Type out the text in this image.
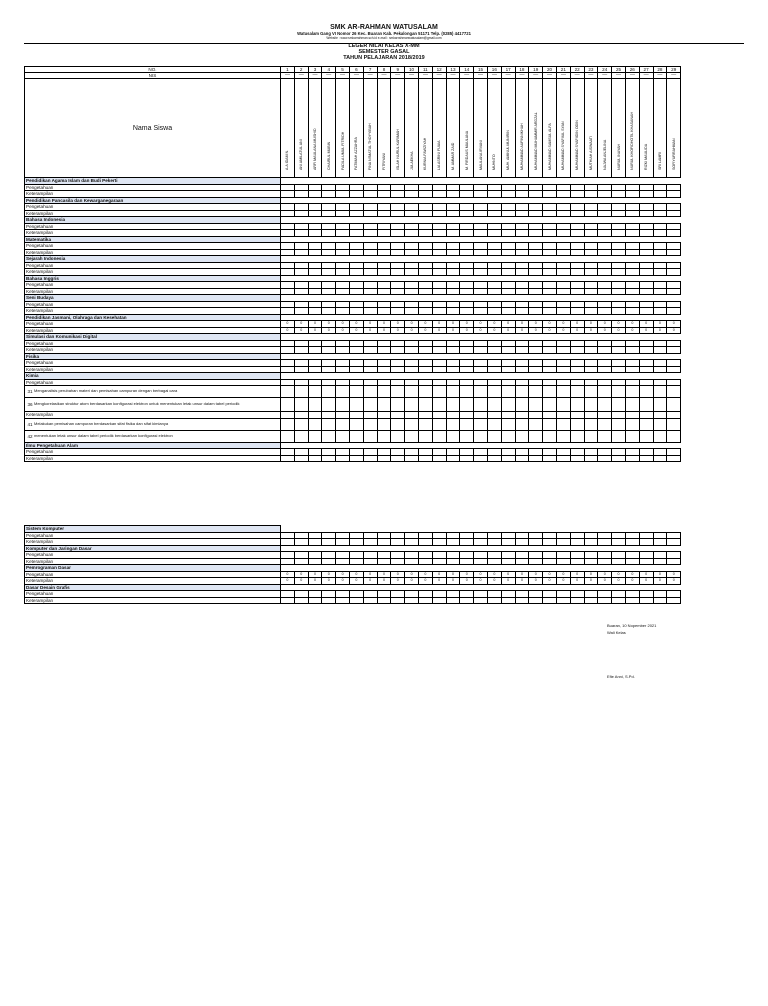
SMK AR-RAHMAN WATUSALAM
Watusalam Gang VI Nomor 26 Kec. Buaran Kab. Pekalongan 51171 Telp. (0285) 4417721
Website : www.smkarrahman.sch.id e-mail : smkarrahmanwatusalam@gmail.com
LEGER NILAI KELAS X-MM
SEMESTER GASAL
TAHUN PELAJARAN 2018/2019
NO.	1	2	3	4	5	6	7	8	9	10	11	12	13	14	15	16	17	18	19	20	21	22	23	24	25	26	27	28	29
NIS	xxxxx	xxxxx	xxxxx	xxxxx	xxxxx	xxxxx	xxxxx	xxxxx	xxxxx	xxxxx	xxxxx	xxxxx	xxxxx	xxxxx	xxxxx	xxxxx	xxxxx	xxxxx	xxxxx	xxxxx	xxxxx	xxxxx	xxxxx	xxxxx	xxxxx	xxxxx	xxxxx	xxxxx	xxxxx
Nama Siswa	A.A IDAM N.	ANI AMILATUL ANI	ARFI MAULANA MUSHID	CHAIRUL MUBIN	FADILA UMUL FITRIDH	FATIMAH AZZAHRA	FINA NI'MATUL THOYYIBAH	FITRIYANI	ISLAH NURUL KARIMAH	JULAEKHA	KURNIA FAWZIYAH	LIA ASRINI FUAIA	M. AMMAR ZAID	M. FIRDAUS MAULANA	MAULANA IRVANI	MUHNTO	MUH. AMINUL MUNIRIN	MUHAMMAD AUFINNIKHAH	MUHAMMAD MUHAMMIR ARDZAL	MUHAMMAD SAMSUL ALFA	MUHAMMAD SYAFIIUL SYAN	MUHAMMAD SYAFIIDIN ODIN	MUTHIAH AISWAATI	NAJWA ANJELINA	NURUL INAYAH	NURUL KHOFIDHOTIL KHASANAH	RIZKI MAULIDA	SRI LAMRI	SOFIYURRAHMAN

Pendidikan Agama Islam dan Budi Pekerti																													
Pengetahuan																													
Keterampilan																													
Pendidikan Pancasila dan Kewarganegaraan																													
Pengetahuan																													
Keterampilan																													
Bahasa Indonesia																													
Pengetahuan																													
Keterampilan																													
Matematika																													
Pengetahuan																													
Keterampilan																													
Sejarah Indonesia																													
Pengetahuan																													
Keterampilan																													
Bahasa Inggris																													
Pengetahuan																													
Keterampilan																													
Seni Budaya																													
Pengetahuan																													
Keterampilan																													
Pendidikan Jasmani, Olahraga dan Kesehatan																													
Pengetahuan	0	0	0	0	0	0	0	0	0	0	0	0	0	0	0	0	0	0	0	0	0	0	0	0	0	0	0	0	0
Keterampilan	0	0	0	0	0	0	0	0	0	0	0	0	0	0	0	0	0	0	0	0	0	0	0	0	0	0	0	0	0
Simulasi dan Komunikasi Digital																													
Pengetahuan																													
Keterampilan																													
Fisika																													
Pengetahuan																													
Keterampilan																													
Kimia																													
Pengetahuan																													

31 Menganalisis perubahan materi dan pemisahan campuran dengan berbagai cara																													

36 Mengkorelasikan struktur atom berdasarkan konfigurasi elektron untuk menentukan letak unsur dalam tabel periodik																													

Keterampilan																													

41 Melakukan pemisahan campuran berdasarkan sifat fisika dan sifat kimianya																													

42 menentukan letak unsur dalam tabel periodik berdasarkan konfigurasi elektron																													

Ilmu Pengetahuan Alam																													
Pengetahuan																													
Keterampilan																													
Sistem Komputer																													
Pengetahuan																													
Keterampilan																													
Komputer dan Jaringan Dasar																													
Pengetahuan																													
Keterampilan																													
Pemrograman Dasar																													
Pengetahuan	0	0	0	0	0	0	0	0	0	0	0	0	0	0	0	0	0	0	0	0	0	0	0	0	0	0	0	0	0
Keterampilan	0	0	0	0	0	0	0	0	0	0	0	0	0	0	0	0	0	0	0	0	0	0	0	0	0	0	0	0	0
Dasar Desain Grafis																													
Pengetahuan																													
Keterampilan																													
Buaran, 10 Nopember 2021
Wali Kelas
Efie Anni, S.Pd.
